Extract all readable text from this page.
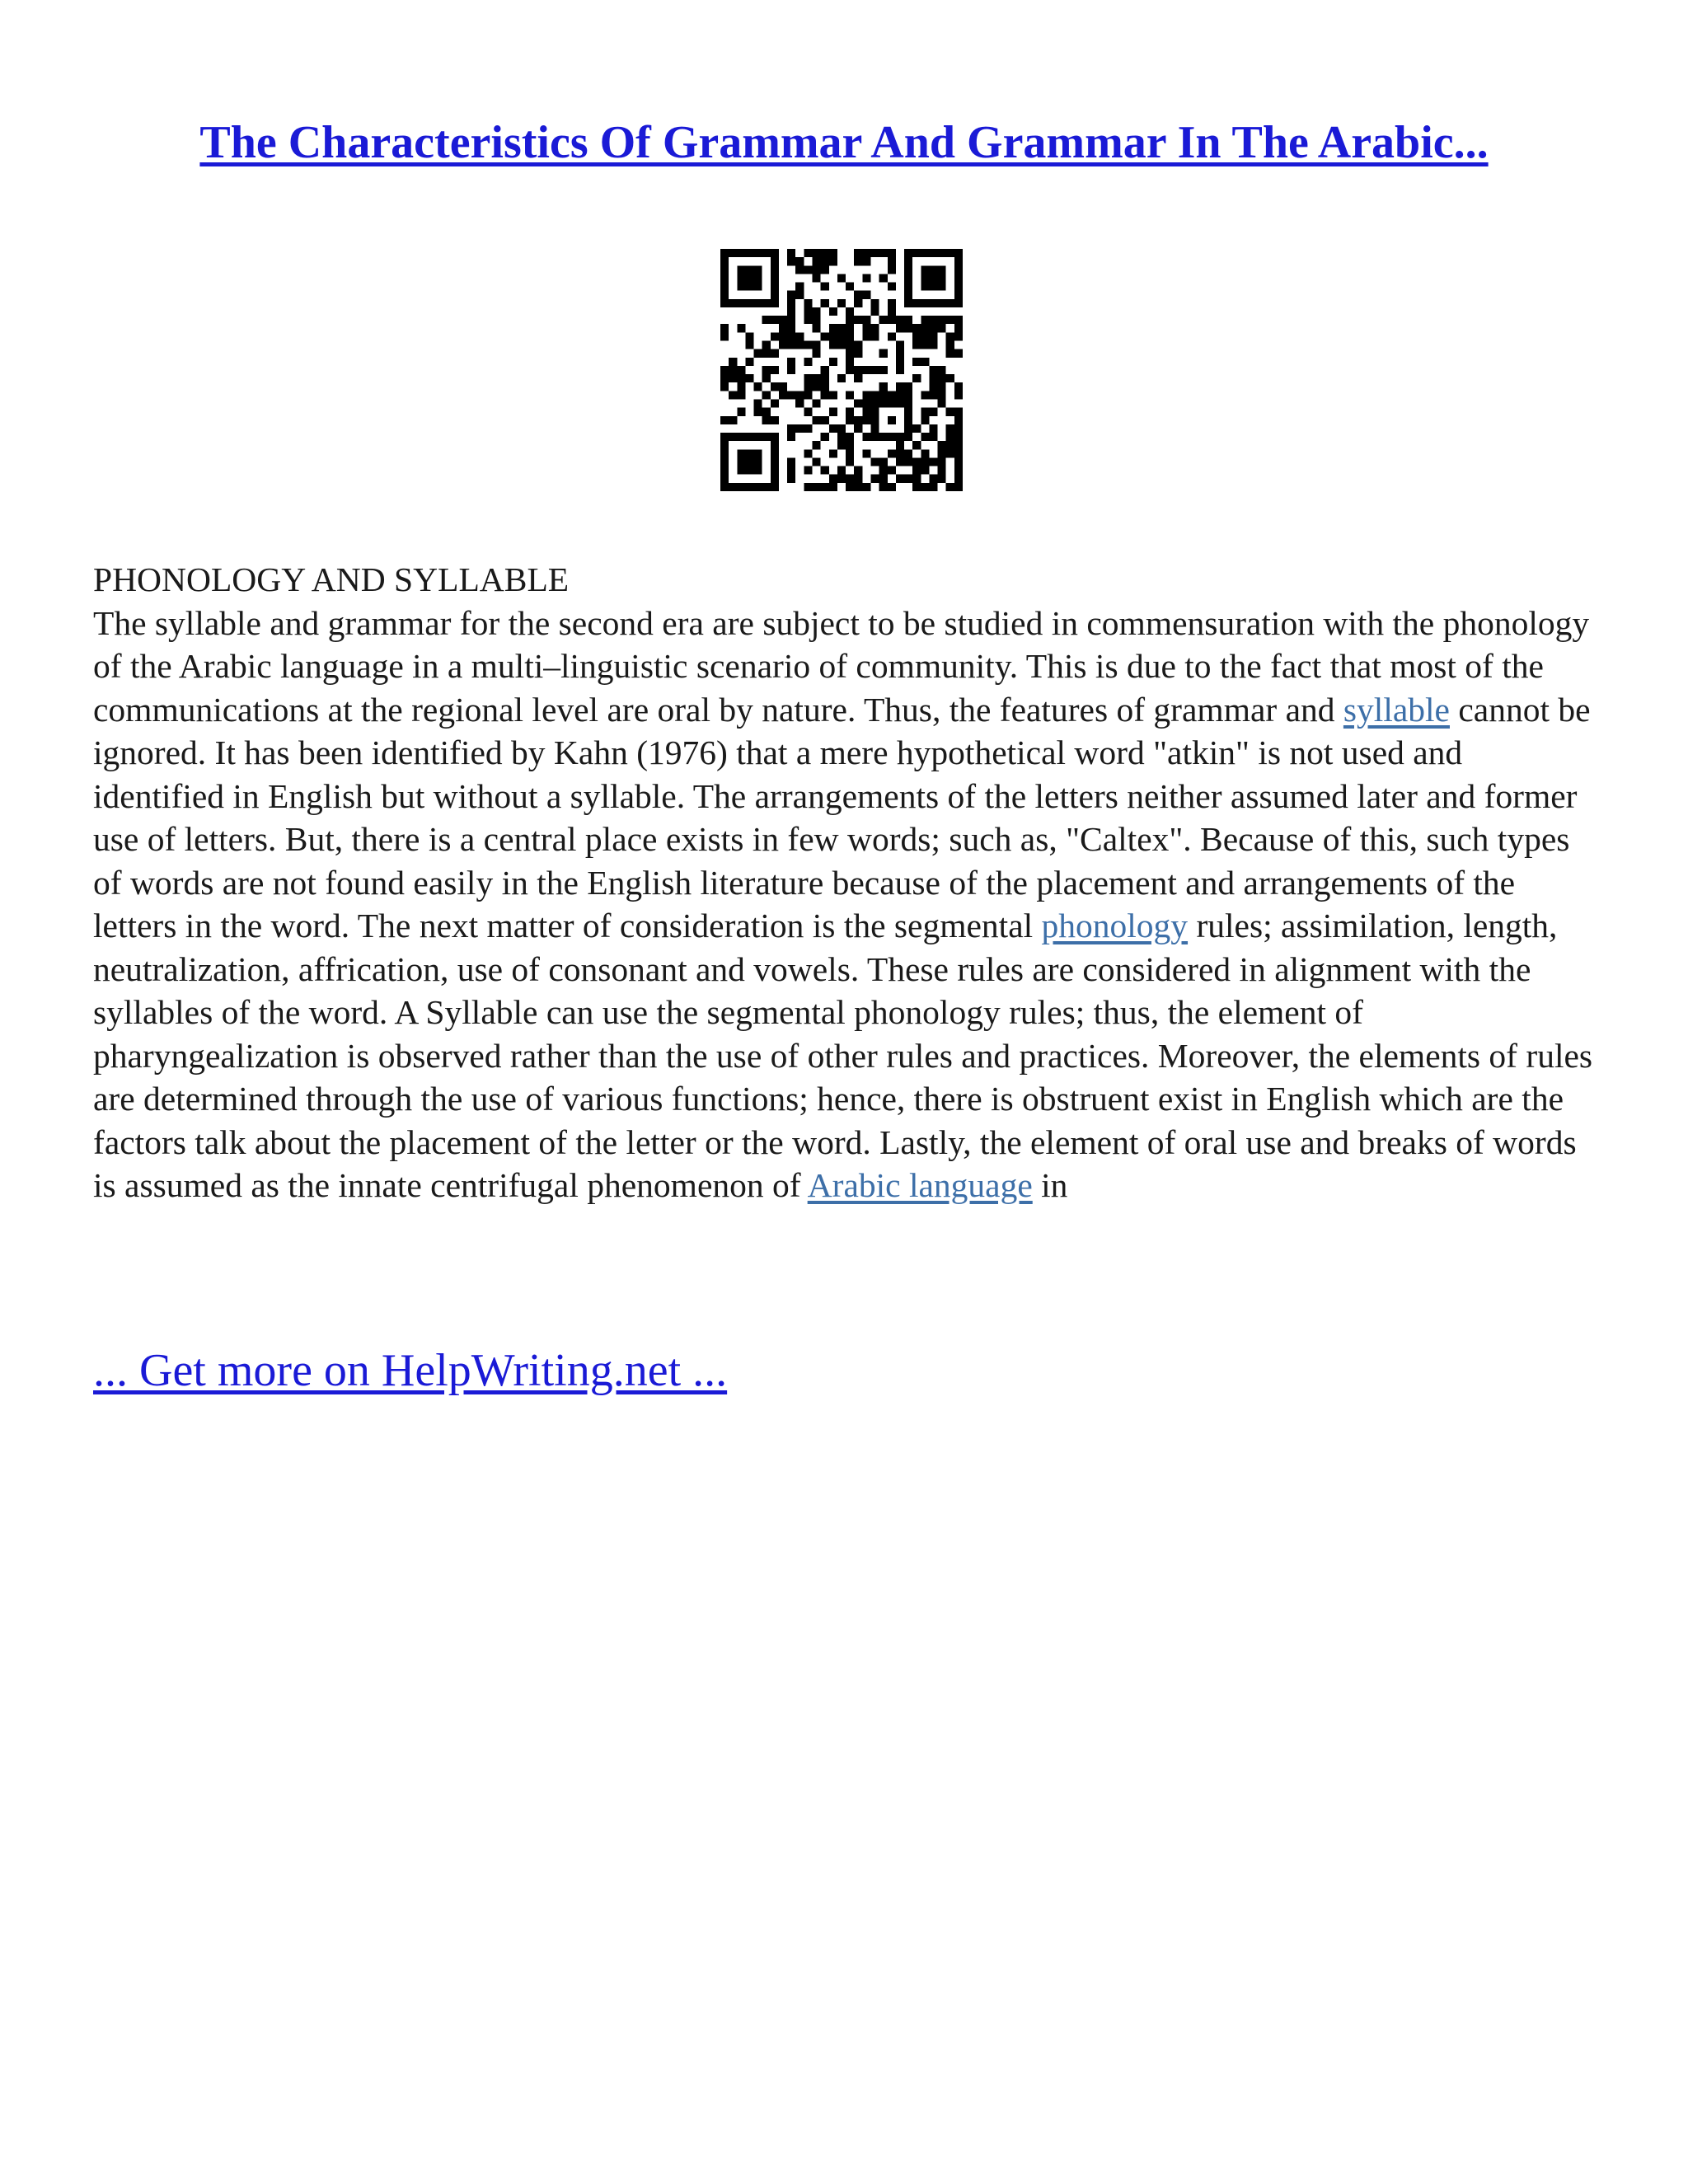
The Characteristics Of Grammar And Grammar In The Arabic...
PHONOLOGY AND SYLLABLE
The syllable and grammar for the second era are subject to be studied in commensuration with the phonology of the Arabic language in a multi–linguistic scenario of community. This is due to the fact that most of the communications at the regional level are oral by nature. Thus, the features of grammar and syllable cannot be ignored. It has been identified by Kahn (1976) that a mere hypothetical word "atkin" is not used and identified in English but without a syllable. The arrangements of the letters neither assumed later and former use of letters. But, there is a central place exists in few words; such as, "Caltex". Because of this, such types of words are not found easily in the English literature because of the placement and arrangements of the letters in the word. The next matter of consideration is the segmental phonology rules; assimilation, length, neutralization, affrication, use of consonant and vowels. These rules are considered in alignment with the syllables of the word. A Syllable can use the segmental phonology rules; thus, the element of pharyngealization is observed rather than the use of other rules and practices. Moreover, the elements of rules are determined through the use of various functions; hence, there is obstruent exist in English which are the factors talk about the placement of the letter or the word. Lastly, the element of oral use and breaks of words is assumed as the innate centrifugal phenomenon of Arabic language in
... Get more on HelpWriting.net ...
